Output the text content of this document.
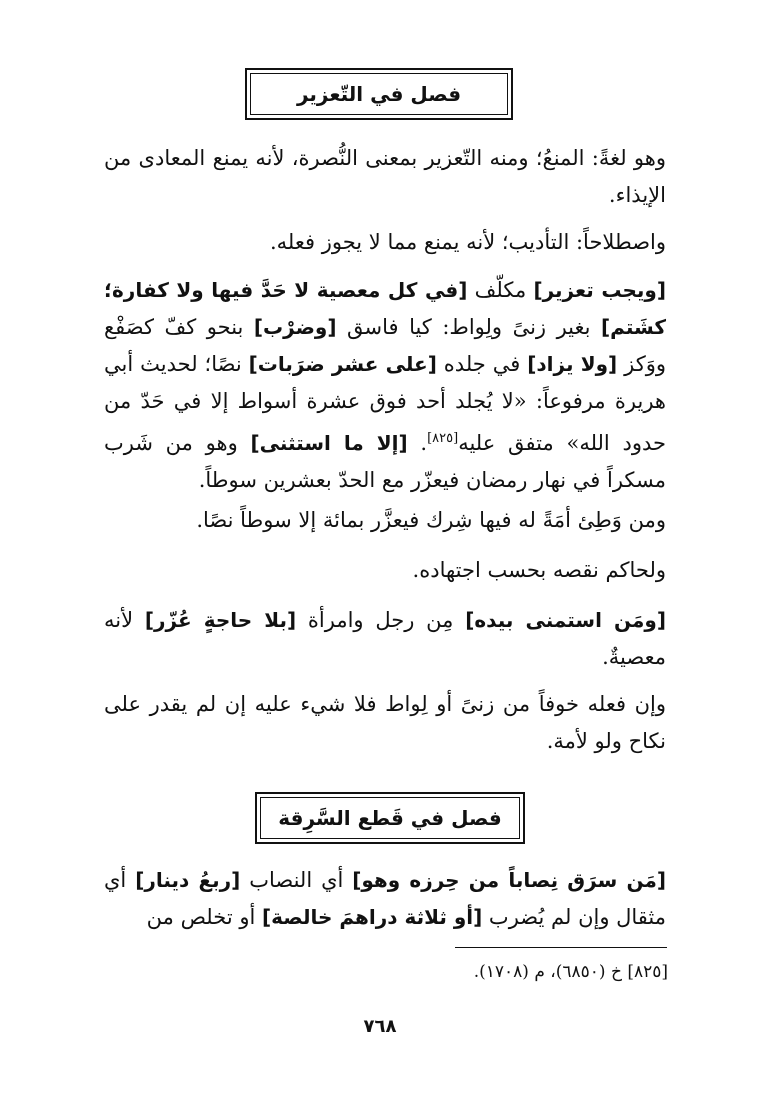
فصل في التّعزير
وهو لغةً: المنعُ؛ ومنه التّعزير بمعنى النُّصرة، لأنه يمنع المعادى من الإيذاء.
واصطلاحاً: التأديب؛ لأنه يمنع مما لا يجوز فعله.
[ويجب تعزير] مكلّف [في كل معصية لا حَدَّ فيها ولا كفارة؛ كشَتم] بغير زنىً ولِواط: كيا فاسق [وضرْب] بنحو كفّ كصَفْع ووَكز [ولا يزاد] في جلده [على عشر ضرَبات] نصًا؛ لحديث أبي هريرة مرفوعاً: «لا يُجلد أحد فوق عشرة أسواط إلا في حَدّ من حدود الله» متفق عليه[٨٢٥]. [إلا ما استثنى] وهو من شَرب مسكراً في نهار رمضان فيعزّر مع الحدّ بعشرين سوطاً.
ومن وَطِئ أمَةً له فيها شِرك فيعزَّر بمائة إلا سوطاً نصًا.
ولحاكم نقصه بحسب اجتهاده.
[ومَن استمنى بيده] مِن رجل وامرأة [بلا حاجةٍ عُزّر] لأنه معصيةٌ.
وإن فعله خوفاً من زنىً أو لِواط فلا شيء عليه إن لم يقدر على نكاح ولو لأمة.
فصل في قَطع السَّرِقة
[مَن سرَق نِصاباً من حِرزه وهو] أي النصاب [ربعُ دينار] أي مثقال وإن لم يُضرب [أو ثلاثة دراهمَ خالصة] أو تخلص من
[٨٢٥] خ (٦٨٥٠)، م (١٧٠٨).
٧٦٨
